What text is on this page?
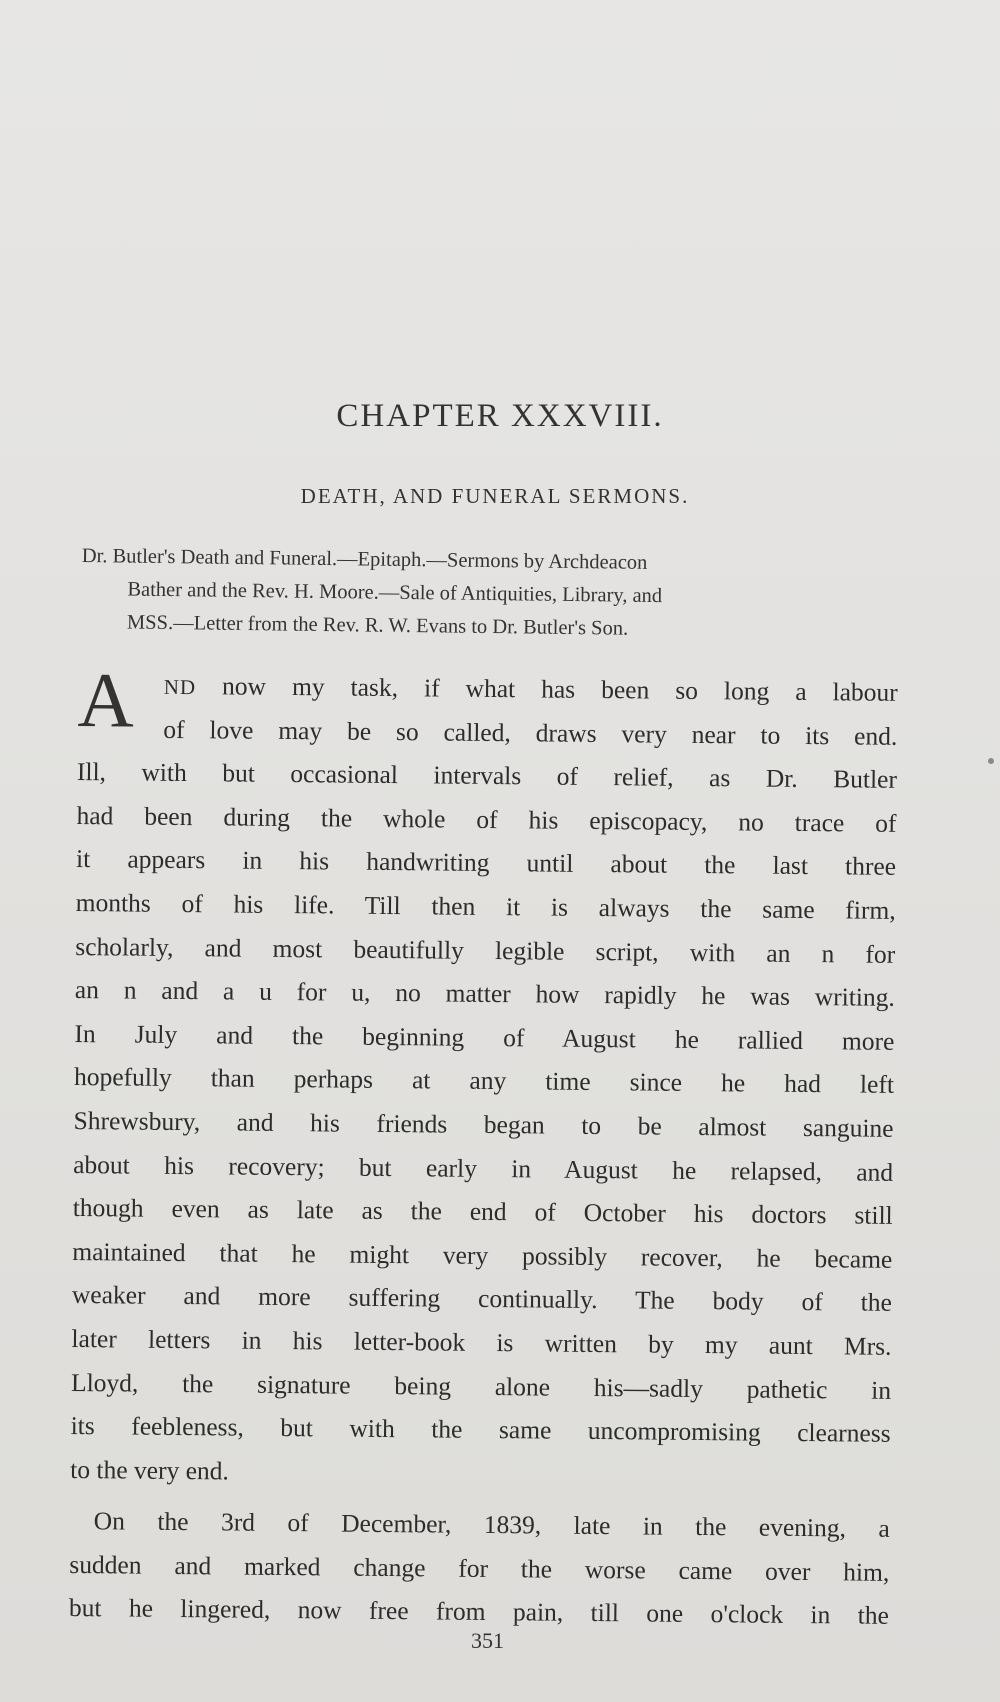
CHAPTER XXXVIII.
DEATH, AND FUNERAL SERMONS.
Dr. Butler's Death and Funeral.—Epitaph.—Sermons by Archdeacon
Bather and the Rev. H. Moore.—Sale of Antiquities, Library, and
MSS.—Letter from the Rev. R. W. Evans to Dr. Butler's Son.
A	ND now my task, if what has been so long a labour
of love may be so called, draws very near to its end.
Ill, with but occasional intervals of relief, as Dr. Butler
had been during the whole of his episcopacy, no trace of
it appears in his handwriting until about the last three
months of his life. Till then it is always the same firm,
scholarly, and most beautifully legible script, with an n for
an n and a u for u, no matter how rapidly he was writing.
In July and the beginning of August he rallied more
hopefully than perhaps at any time since he had left
Shrewsbury, and his friends began to be almost sanguine
about his recovery; but early in August he relapsed, and
though even as late as the end of October his doctors still
maintained that he might very possibly recover, he became
weaker and more suffering continually. The body of the
later letters in his letter-book is written by my aunt Mrs.
Lloyd, the signature being alone his—sadly pathetic in
its feebleness, but with the same uncompromising clearness
to the very end.
On the 3rd of December, 1839, late in the evening, a
sudden and marked change for the worse came over him,
but he lingered, now free from pain, till one o'clock in the
351
